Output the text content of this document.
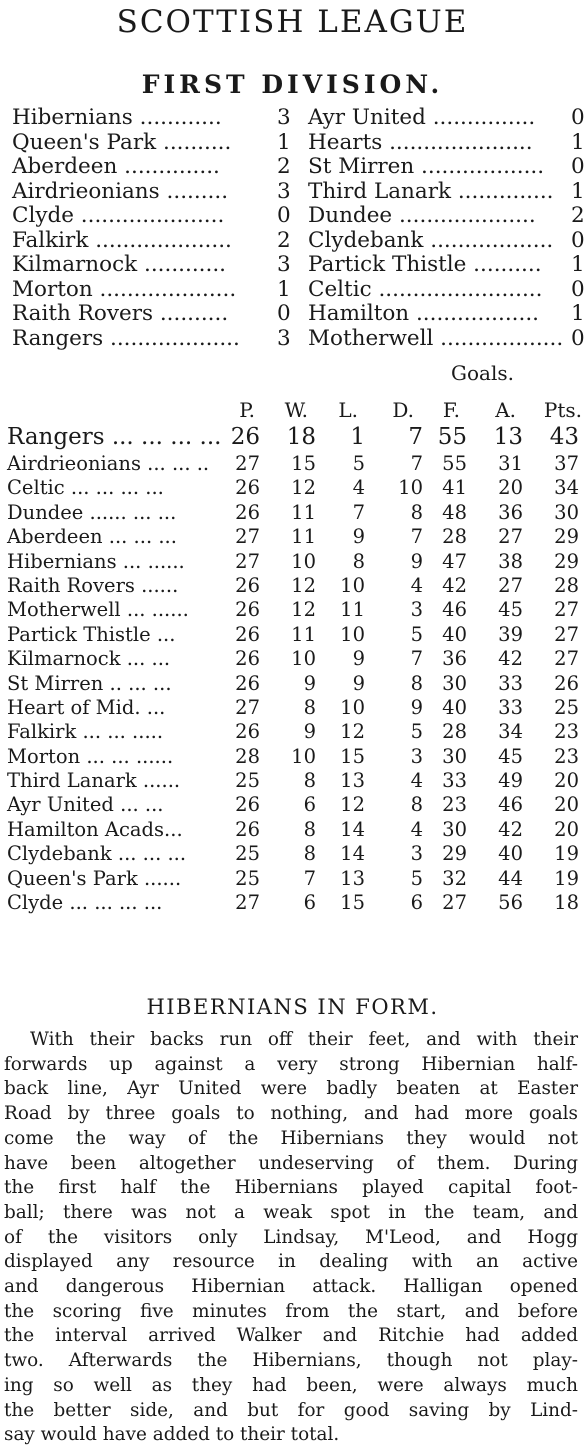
SCOTTISH LEAGUE
FIRST DIVISION.
Hibernians ............	3 Ayr United ............... 0
Queen's Park .......... 1 Hearts ..................... 1
Aberdeen ..............	2 St Mirren .................. 0
Airdrieonians ......... 3 Third Lanark .............. 1
Clyde ..................... 0 Dundee .................... 2
Falkirk .................... 2 Clydebank .................. 0
Kilmarnock ............ 3 Partick Thistle .......... 1
Morton .................... 1 Celtic ........................ 0
Raith Rovers .......... 0 Hamilton .................. 1
Rangers ................... 3 Motherwell .................. 0
Goals.
P.	W.	L.	D.	F.	A. Pts.
Rangers ... ... ... ... 26 18	1	7 55 13 43
Airdrieonians ... ... ..	27	15	5	7 55	31	37
Celtic ... ... ... ...	26	12	4	10 41	20	34
Dundee ...... ... ...	26	11	7	8 48	36	30
Aberdeen ... ... ...	27	11	9	7 28	27	29
Hibernians ... ......	27	10	8	9 47	38	29
Raith Rovers ......	26	12	10	4 42	27	28
Motherwell ... ......	26	12	11	3 46	45	27
Partick Thistle ...	26	11	10	5 40	39	27
Kilmarnock ... ...	26	10	9	7 36	42	27
St Mirren .. ... ...	26	9	9	8 30	33	26
Heart of Mid. ...	27	8	10	9 40	33	25
Falkirk ... ... .....	26	9	12	5 28	34	23
Morton ... ... ......	28	10	15	3 30	45	23
Third Lanark ......	25	8	13	4 33	49	20
Ayr United ... ...	26	6	12	8 23	46	20
Hamilton Acads...	26	8	14	4 30	42	20
Clydebank ... ... ...	25	8	14	3 29	40	19
Queen's Park ......	25	7	13	5 32	44	19
Clyde ... ... ... ...	27	6	15	6 27	56	18
HIBERNIANS IN FORM.
With their backs run off their feet, and with their
forwards up against a very strong Hibernian half-
back line, Ayr United were badly beaten at Easter
Road by three goals to nothing, and had more goals
come the way of the Hibernians they would not
have been altogether undeserving of them. During
the first half the Hibernians played capital foot-
ball; there was not a weak spot in the team, and
of the visitors only Lindsay, M'Leod, and Hogg
displayed any resource in dealing with an active
and dangerous Hibernian attack. Halligan opened
the scoring five minutes from the start, and before
the interval arrived Walker and Ritchie had added
two. Afterwards the Hibernians, though not play-
ing so well as they had been, were always much
the better side, and but for good saving by Lind-
say would have added to their total.
